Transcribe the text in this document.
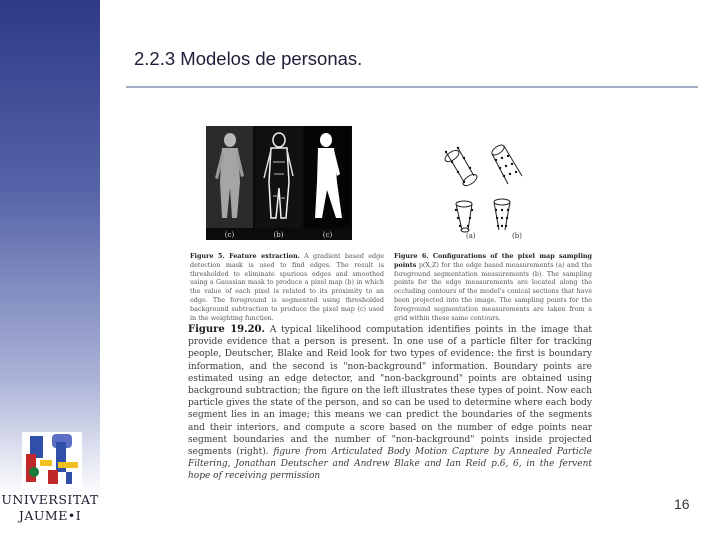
UNIVERSITAT
JAUME•I
2.2.3 Modelos de personas.
(c)	(b)	(c)	(a)	(b)
Figure 5. Feature extraction. A gradient based edge detection mask is used to find edges. The result is thresholded to eliminate spurious edges and smoothed using a Gaussian mask to produce a pixel map (b) in which the value of each pixel is related to its proximity to an edge. The foreground is segmented using thresholded background subtraction to produce the pixel map (c) used in the weighting function.
Figure 6. Configurations of the pixel map sampling points p(X,Z) for the edge based measurements (a) and the foreground segmentation measurements (b). The sampling points for the edge measurements are located along the occluding contours of the model's conical sections that have been projected into the image. The sampling points for the foreground segmentation measurements are taken from a grid within these same contours.
Figure 19.20. A typical likelihood computation identifies points in the image that provide evidence that a person is present. In one use of a particle filter for tracking people, Deutscher, Blake and Reid look for two types of evidence: the first is boundary information, and the second is "non-background" information. Boundary points are estimated using an edge detector, and "non-background" points are obtained using background subtraction; the figure on the left illustrates these types of point. Now each particle gives the state of the person, and so can be used to determine where each body segment lies in an image; this means we can predict the boundaries of the segments and their interiors, and compute a score based on the number of edge points near segment boundaries and the number of "non-background" points inside projected segments (right). figure from Articulated Body Motion Capture by Annealed Particle Filtering, Jonathan Deutscher and Andrew Blake and Ian Reid p.6, 6, in the fervent hope of receiving permission
16
